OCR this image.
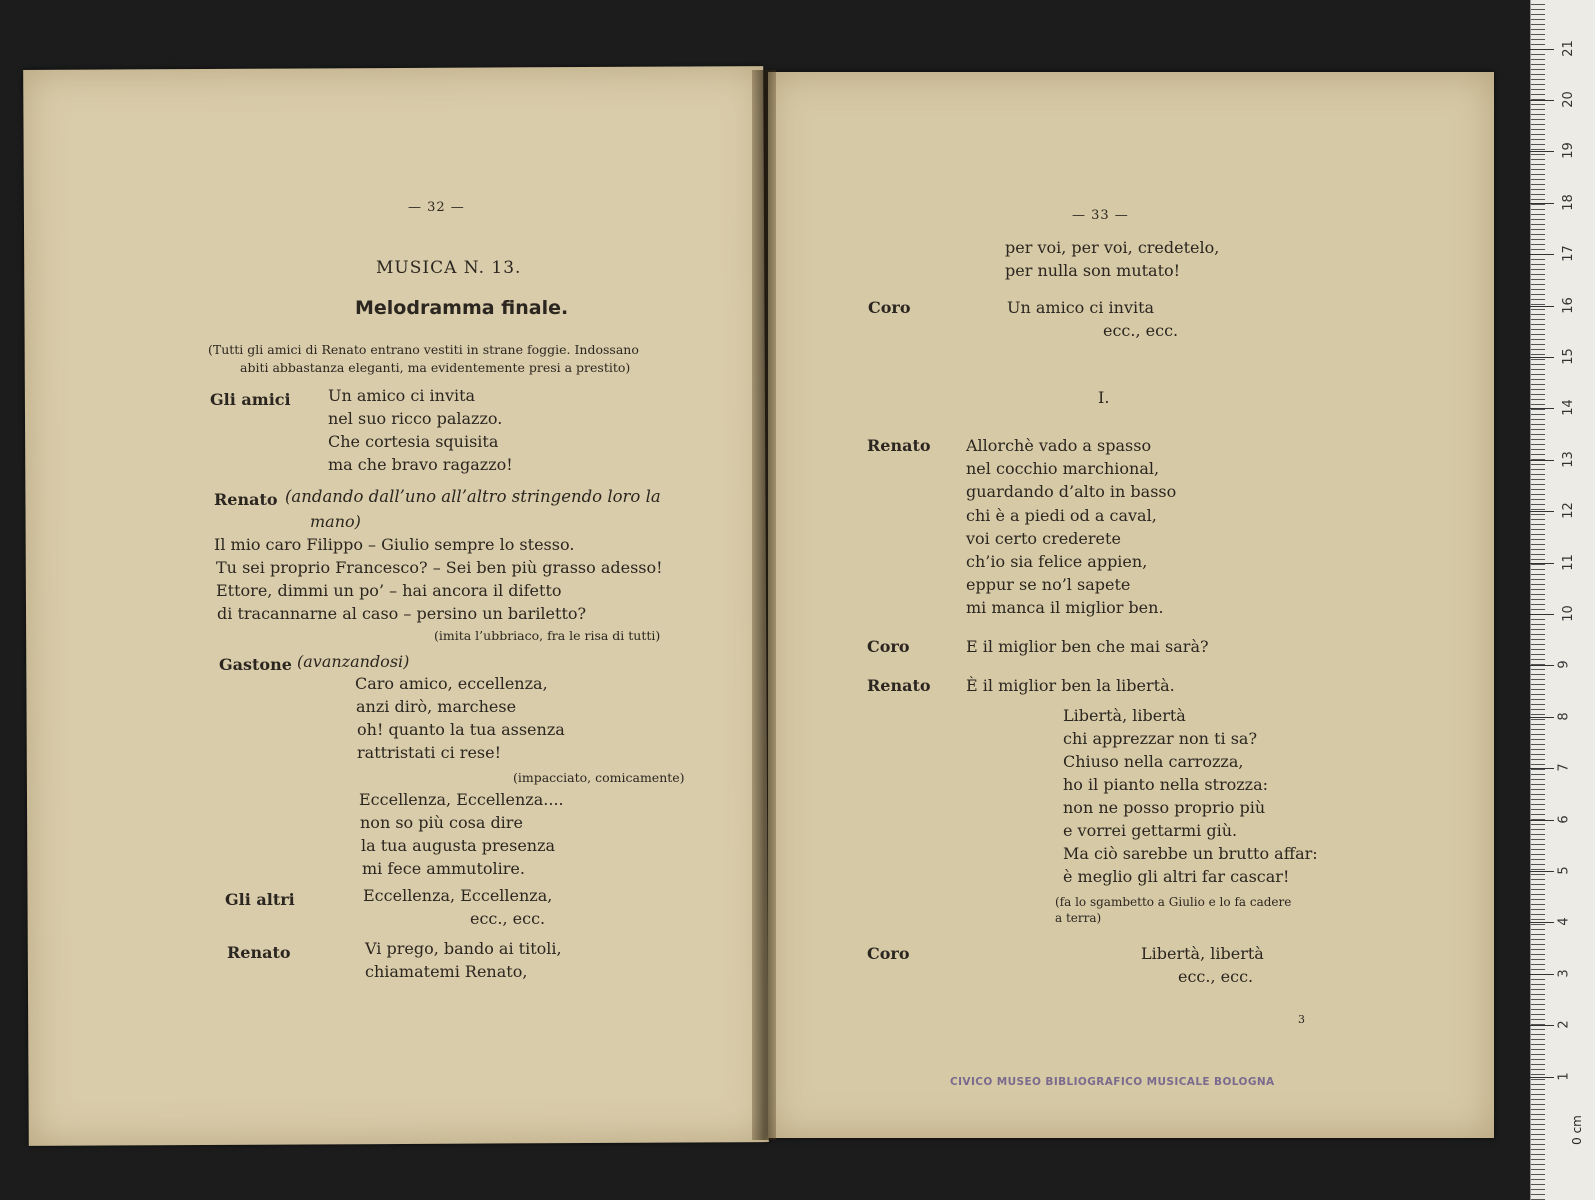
— 32 —
MUSICA N. 13.
Melodramma finale.
(Tutti gli amici di Renato entrano vestiti in strane foggie. Indossano
abiti abbastanza eleganti, ma evidentemente presi a prestito)
Gli amici Un amico ci invita
nel suo ricco palazzo.
Che cortesia squisita
ma che bravo ragazzo!
Renato (andando dall’uno all’altro stringendo loro la
mano)
Il mio caro Filippo – Giulio sempre lo stesso.
Tu sei proprio Francesco? – Sei ben più grasso adesso!
Ettore, dimmi un po’ – hai ancora il difetto
di tracannarne al caso – persino un bariletto?
(imita l’ubbriaco, fra le risa di tutti)
Gastone (avanzandosi)
Caro amico, eccellenza,
anzi dirò, marchese
oh! quanto la tua assenza
rattristati ci rese!
(impacciato, comicamente)
Eccellenza, Eccellenza....
non so più cosa dire
la tua augusta presenza
mi fece ammutolire.
Gli altri	Eccellenza, Eccellenza,
ecc., ecc.
Renato	Vi prego, bando ai titoli,
chiamatemi Renato,
— 33 —
per voi, per voi, credetelo,
per nulla son mutato!
Coro	Un amico ci invita
ecc., ecc.
I.
Renato Allorchè vado a spasso
nel cocchio marchional,
guardando d’alto in basso
chi è a piedi od a caval,
voi certo crederete
ch’io sia felice appien,
eppur se no’l sapete
mi manca il miglior ben.
Coro	E il miglior ben che mai sarà?
Renato È il miglior ben la libertà.
Libertà, libertà
chi apprezzar non ti sa?
Chiuso nella carrozza,
ho il pianto nella strozza:
non ne posso proprio più
e vorrei gettarmi giù.
Ma ciò sarebbe un brutto affar:
è meglio gli altri far cascar!
(fa lo sgambetto a Giulio e lo fa cadere
a terra)
Coro	Libertà, libertà
ecc., ecc.
3
CIVICO MUSEO BIBLIOGRAFICO MUSICALE BOLOGNA	1
2
3
4
5
6
7
8
9
10
11
12
13
14
15
16
17
18
19
20
21
0 cm
